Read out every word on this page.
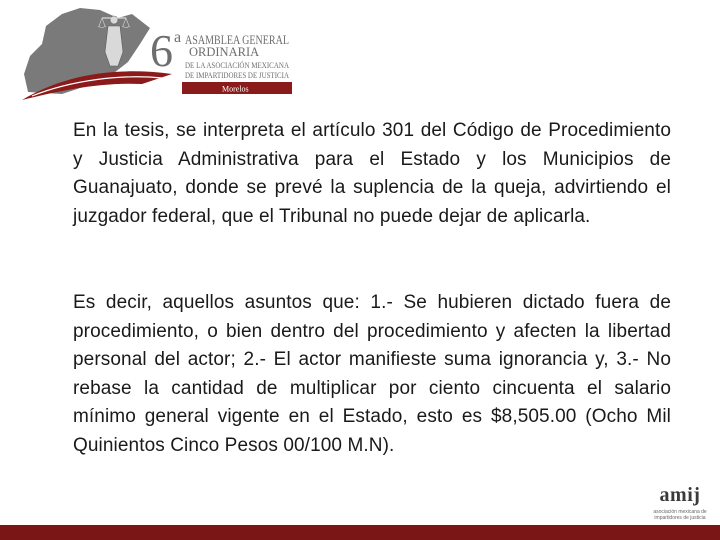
6 a ASAMBLEA GENERAL
ORDINARIA
DE LA ASOCIACIÓN MEXICANA
DE IMPARTIDORES DE JUSTICIA
Morelos

En la tesis, se interpreta el artículo 301 del Código de Procedimiento y Justicia Administrativa para el Estado y los Municipios de Guanajuato, donde se prevé la suplencia de la queja, advirtiendo el juzgador federal, que el Tribunal no puede dejar de aplicarla.

Es decir, aquellos asuntos que: 1.- Se hubieren dictado fuera de procedimiento, o bien dentro del procedimiento y afecten la libertad personal del actor; 2.- El actor manifieste suma ignorancia y, 3.- No rebase la cantidad de multiplicar por ciento cincuenta el salario mínimo general vigente en el Estado, esto es $8,505.00 (Ocho Mil Quinientos Cinco Pesos 00/100 M.N).

amij
asociación mexicana de
impartidores de justicia
